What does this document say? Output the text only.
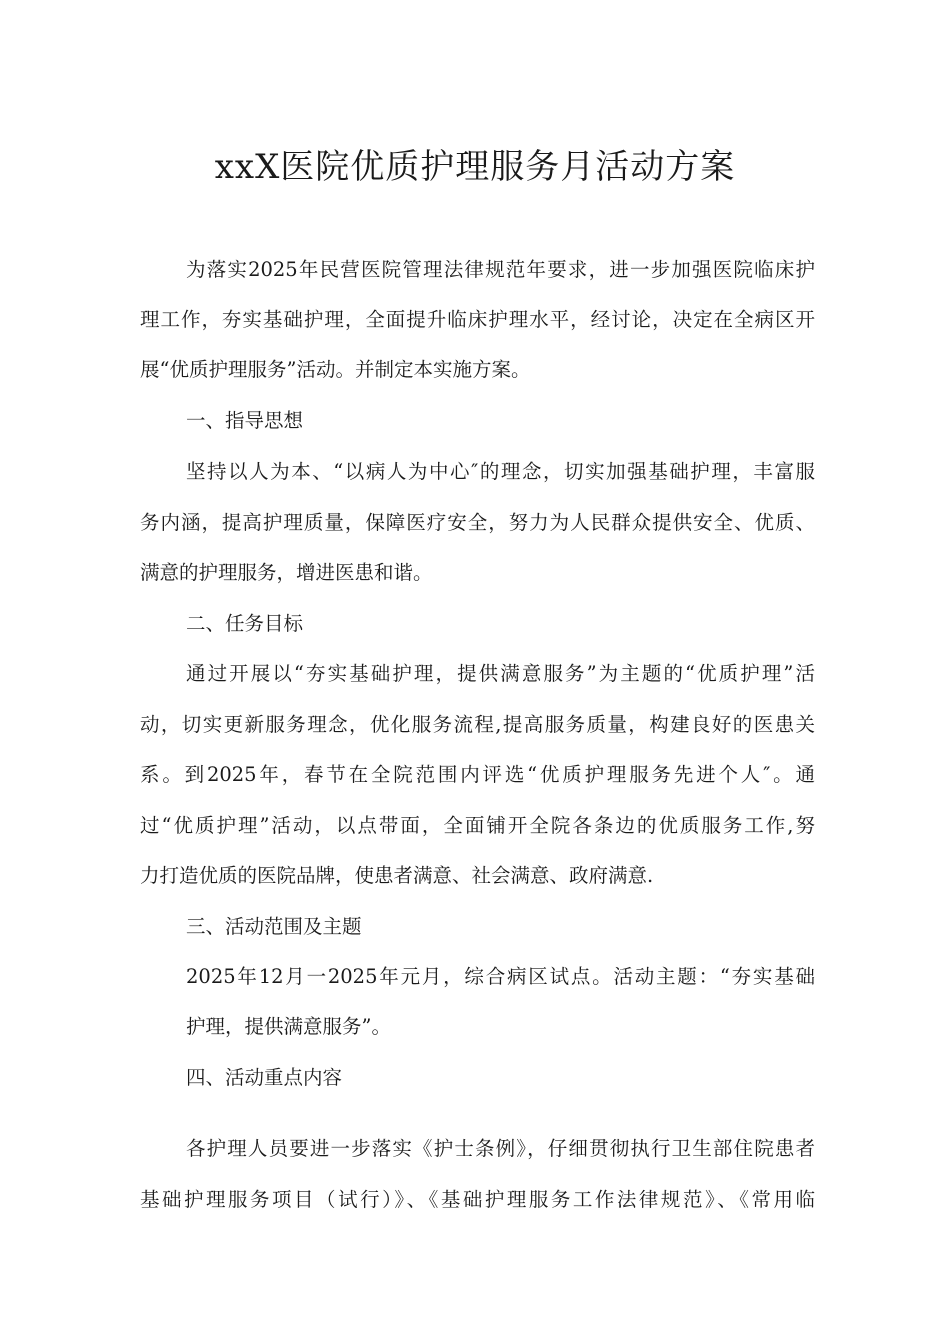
xxX医院优质护理服务月活动方案

为落实2025年民营医院管理法律规范年要求，进一步加强医院临床护

理工作，夯实基础护理，全面提升临床护理水平，经讨论，决定在全病区开

展“优质护理服务”活动。并制定本实施方案。

一、指导思想

坚持以人为本、“以病人为中心″的理念，切实加强基础护理，丰富服

务内涵，提高护理质量，保障医疗安全，努力为人民群众提供安全、优质、

满意的护理服务，增进医患和谐。

二、任务目标

通过开展以“夯实基础护理，提供满意服务”为主题的“优质护理”活

动，切实更新服务理念，优化服务流程,提高服务质量，构建良好的医患关

系。到2025年，春节在全院范围内评选“优质护理服务先进个人″。通

过“优质护理”活动，以点带面，全面铺开全院各条边的优质服务工作,努

力打造优质的医院品牌，使患者满意、社会满意、政府满意.

三、活动范围及主题

2025年12月一2025年元月，综合病区试点。活动主题：“夯实基础

护理，提供满意服务”。

四、活动重点内容

各护理人员要进一步落实《护士条例》，仔细贯彻执行卫生部住院患者

基础护理服务项目（试行）》、《基础护理服务工作法律规范》、《常用临
